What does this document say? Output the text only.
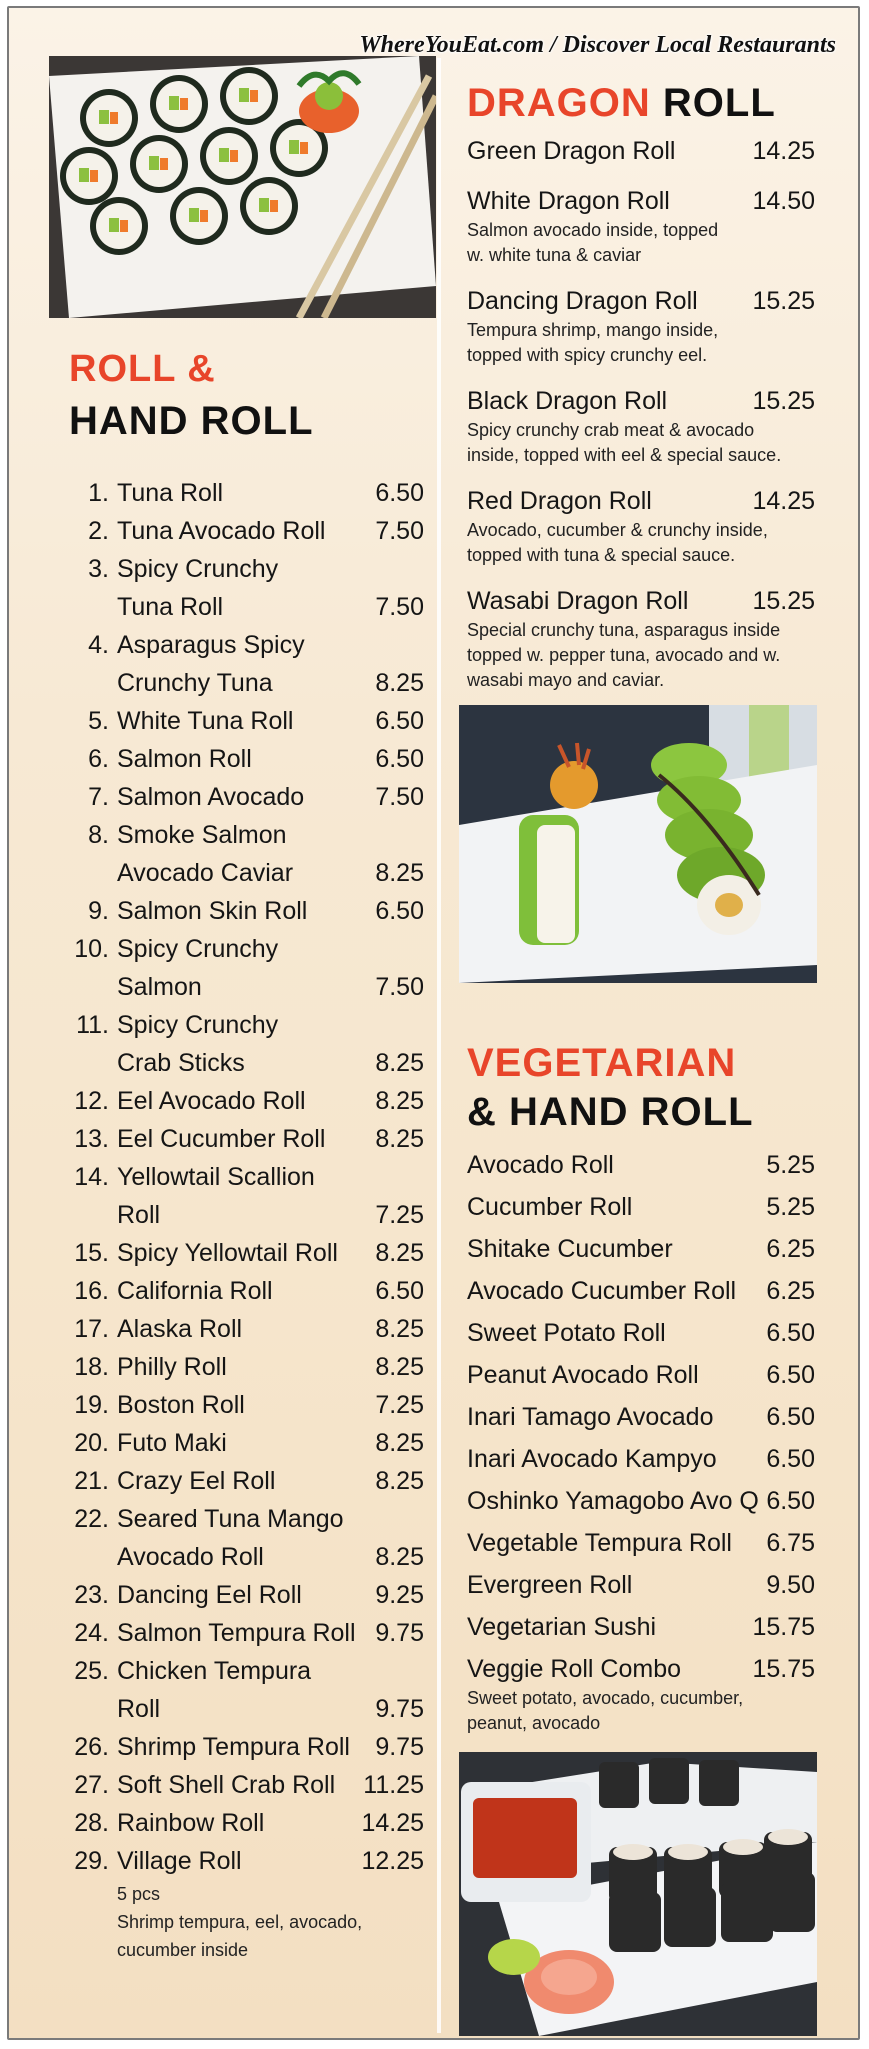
WhereYouEat.com / Discover Local Restaurants
ROLL &
HAND ROLL
1. Tuna Roll	6.50
2. Tuna Avocado Roll	7.50
3. Spicy Crunchy
Tuna Roll	7.50
4. Asparagus Spicy
Crunchy Tuna	8.25
5. White Tuna Roll	6.50
6. Salmon Roll	6.50
7. Salmon Avocado	7.50
8. Smoke Salmon
Avocado Caviar	8.25
9. Salmon Skin Roll	6.50
10. Spicy Crunchy Salmon	7.50
11. Spicy Crunchy
Crab Sticks	8.25
12. Eel Avocado Roll	8.25
13. Eel Cucumber Roll	8.25
14. Yellowtail Scallion Roll	7.25
15. Spicy Yellowtail Roll	8.25
16. California Roll	6.50
17. Alaska Roll	8.25
18. Philly Roll	8.25
19. Boston Roll	7.25
20. Futo Maki	8.25
21. Crazy Eel Roll	8.25
22. Seared Tuna Mango
Avocado Roll	8.25
23. Dancing Eel Roll	9.25
24. Salmon Tempura Roll 9.75
25. Chicken Tempura Roll	9.75
26. Shrimp Tempura Roll	9.75
27. Soft Shell Crab Roll	11.25
28. Rainbow Roll	14.25
29. Village Roll	12.25
5 pcs
Shrimp tempura, eel, avocado,
cucumber inside
DRAGON ROLL
Green Dragon Roll	14.25
White Dragon Roll	14.50
Salmon avocado inside, topped
w. white tuna & caviar
Dancing Dragon Roll 15.25
Tempura shrimp, mango inside,
topped with spicy crunchy eel.
Black Dragon Roll	15.25
Spicy crunchy crab meat & avocado
inside, topped with eel & special sauce.
Red Dragon Roll	14.25
Avocado, cucumber & crunchy inside,
topped with tuna & special sauce.
Wasabi Dragon Roll	15.25
Special crunchy tuna, asparagus inside
topped w. pepper tuna, avocado and w.
wasabi mayo and caviar.
VEGETARIAN
& HAND ROLL
Avocado Roll	5.25
Cucumber Roll	5.25
Shitake Cucumber	6.25
Avocado Cucumber Roll 6.25
Sweet Potato Roll	6.50
Peanut Avocado Roll	6.50
Inari Tamago Avocado 6.50
Inari Avocado Kampyo 6.50
Oshinko Yamagobo Avo Q 6.50
Vegetable Tempura Roll 6.75
Evergreen Roll	9.50
Vegetarian Sushi	15.75
Veggie Roll Combo	15.75
Sweet potato, avocado, cucumber,
peanut, avocado
